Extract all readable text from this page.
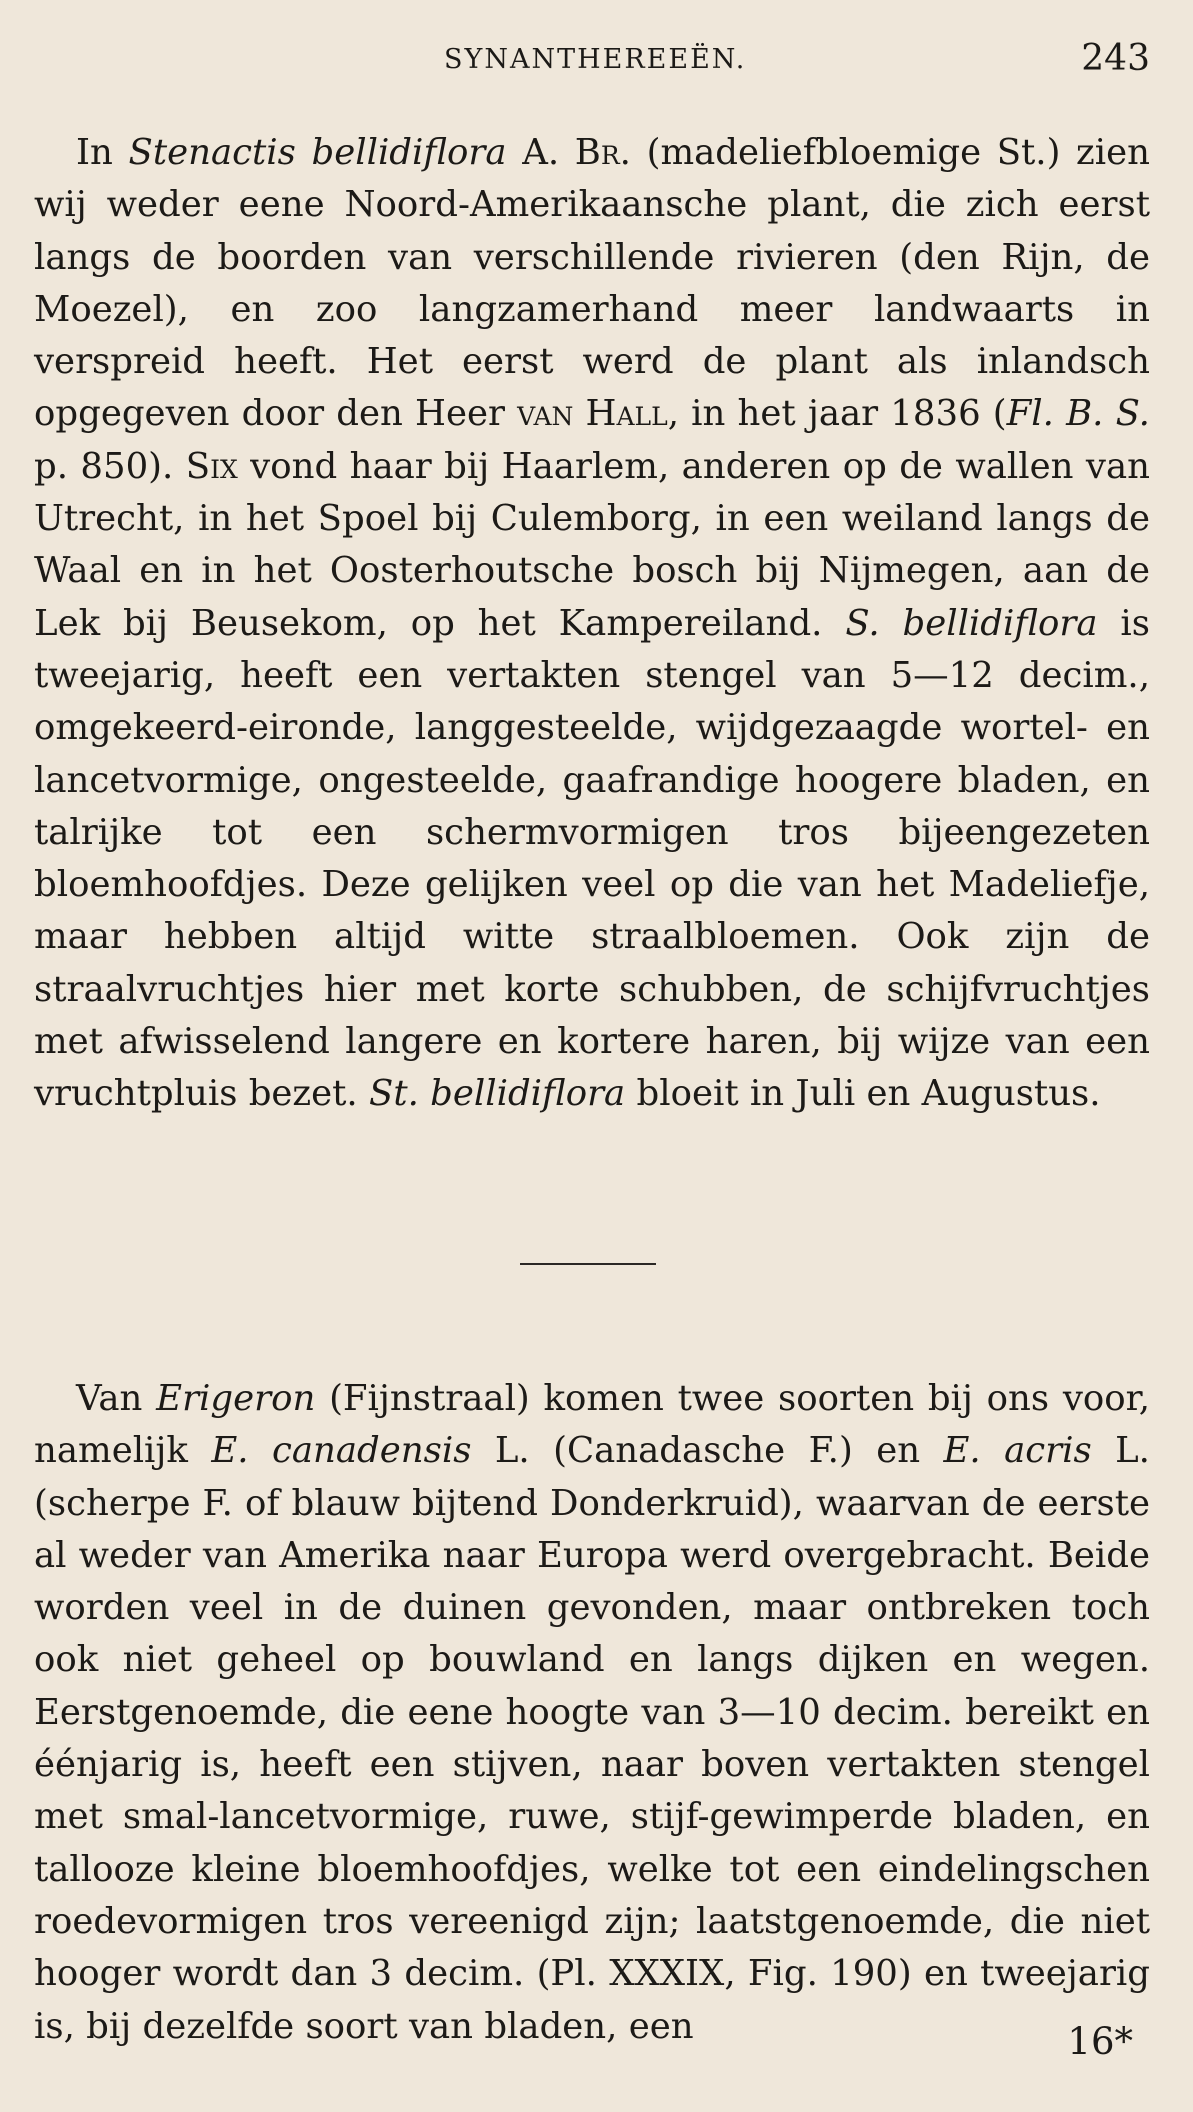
SYNANTHEREEËN.	243

In Stenactis bellidiflora A. Br. (madeliefbloemige St.) zien wij weder eene Noord-Amerikaansche plant, die zich eerst langs de boorden van verschillende rivieren (den Rijn, de Moezel), en zoo langzamerhand meer landwaarts in verspreid heeft. Het eerst werd de plant als inlandsch opgegeven door den Heer van Hall, in het jaar 1836 (Fl. B. S. p. 850). Six vond haar bij Haarlem, anderen op de wallen van Utrecht, in het Spoel bij Culemborg, in een weiland langs de Waal en in het Oosterhoutsche bosch bij Nijmegen, aan de Lek bij Beusekom, op het Kampereiland. S. bellidiflora is tweejarig, heeft een vertakten stengel van 5—12 decim., omgekeerd-eironde, langgesteelde, wijdgezaagde wortel- en lancetvormige, ongesteelde, gaafrandige hoogere bladen, en talrijke tot een schermvormigen tros bijeengezeten bloemhoofdjes. Deze gelijken veel op die van het Madeliefje, maar hebben altijd witte straalbloemen. Ook zijn de straalvruchtjes hier met korte schubben, de schijfvruchtjes met afwisselend langere en kortere haren, bij wijze van een vruchtpluis bezet. St. bellidiflora bloeit in Juli en Augustus.

Van Erigeron (Fijnstraal) komen twee soorten bij ons voor, namelijk E. canadensis L. (Canadasche F.) en E. acris L. (scherpe F. of blauw bijtend Donderkruid), waarvan de eerste al weder van Amerika naar Europa werd overgebracht. Beide worden veel in de duinen gevonden, maar ontbreken toch ook niet geheel op bouwland en langs dijken en wegen. Eerstgenoemde, die eene hoogte van 3—10 decim. bereikt en éénjarig is, heeft een stijven, naar boven vertakten stengel met smal-lancetvormige, ruwe, stijf-gewimperde bladen, en tallooze kleine bloemhoofdjes, welke tot een eindelingschen roedevormigen tros vereenigd zijn; laatstgenoemde, die niet hooger wordt dan 3 decim. (Pl. XXXIX, Fig. 190) en tweejarig is, bij dezelfde soort van bladen, een	16*
